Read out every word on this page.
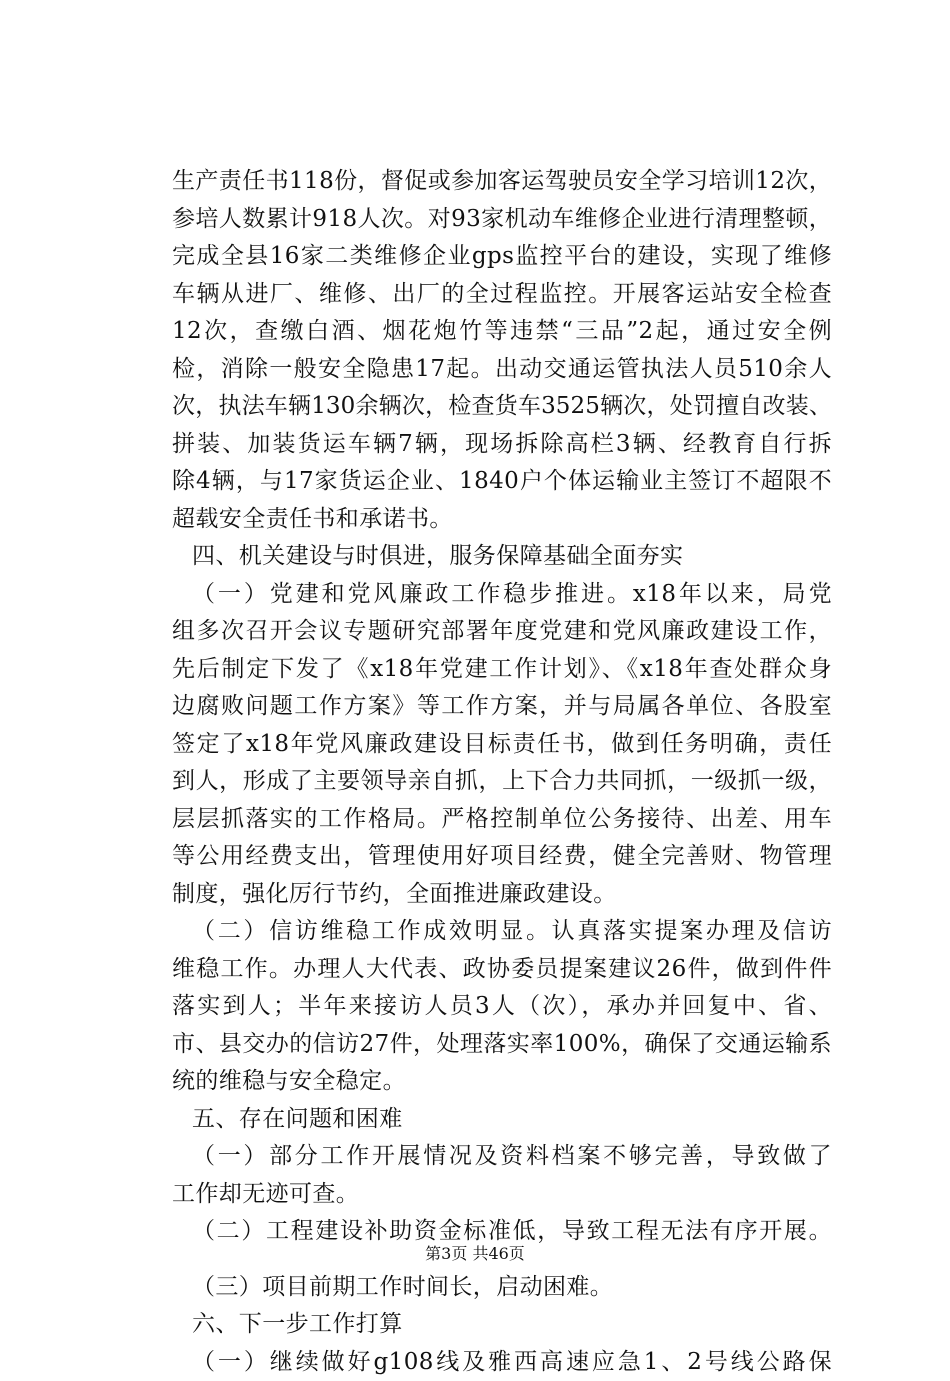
生产责任书118份，督促或参加客运驾驶员安全学习培训12次，
参培人数累计918人次。对93家机动车维修企业进行清理整顿，
完成全县16家二类维修企业gps监控平台的建设，实现了维修
车辆从进厂、维修、出厂的全过程监控。开展客运站安全检查
12次，查缴白酒、烟花炮竹等违禁“三品”2起，通过安全例
检，消除一般安全隐患17起。出动交通运管执法人员510余人
次，执法车辆130余辆次，检查货车3525辆次，处罚擅自改装、
拼装、加装货运车辆7辆，现场拆除高栏3辆、经教育自行拆
除4辆，与17家货运企业、1840户个体运输业主签订不超限不
超载安全责任书和承诺书。
四、机关建设与时俱进，服务保障基础全面夯实
（一）党建和党风廉政工作稳步推进。x18年以来，局党
组多次召开会议专题研究部署年度党建和党风廉政建设工作，
先后制定下发了《x18年党建工作计划》、《x18年查处群众身
边腐败问题工作方案》等工作方案，并与局属各单位、各股室
签定了x18年党风廉政建设目标责任书，做到任务明确，责任
到人，形成了主要领导亲自抓，上下合力共同抓，一级抓一级，
层层抓落实的工作格局。严格控制单位公务接待、出差、用车
等公用经费支出，管理使用好项目经费，健全完善财、物管理
制度，强化厉行节约，全面推进廉政建设。
（二）信访维稳工作成效明显。认真落实提案办理及信访
维稳工作。办理人大代表、政协委员提案建议26件，做到件件
落实到人；半年来接访人员3人（次），承办并回复中、省、
市、县交办的信访27件，处理落实率100%，确保了交通运输系
统的维稳与安全稳定。
五、存在问题和困难
（一）部分工作开展情况及资料档案不够完善，导致做了
工作却无迹可查。
（二）工程建设补助资金标准低，导致工程无法有序开展。
（三）项目前期工作时间长，启动困难。
六、下一步工作打算
（一）继续做好g108线及雅西高速应急1、2号线公路保
第3页 共46页
